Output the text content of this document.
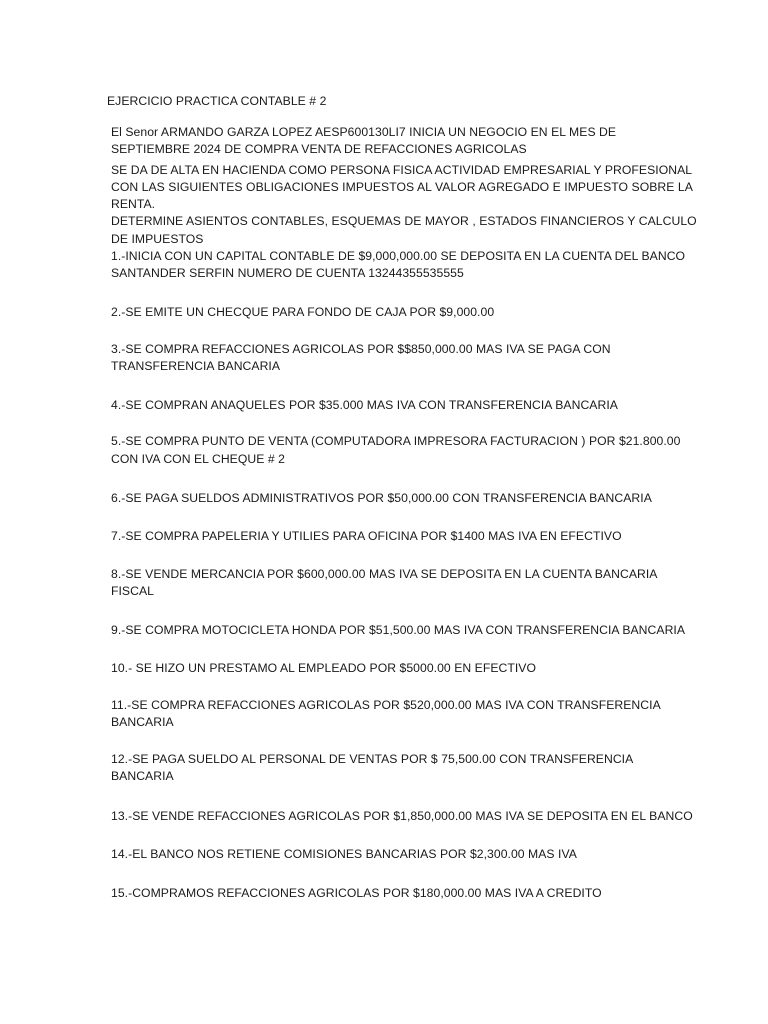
EJERCICIO PRACTICA CONTABLE # 2
El Senor ARMANDO GARZA LOPEZ AESP600130LI7 INICIA UN NEGOCIO EN EL MES DE
SEPTIEMBRE 2024 DE COMPRA VENTA DE REFACCIONES AGRICOLAS
SE DA DE ALTA EN HACIENDA COMO PERSONA FISICA ACTIVIDAD EMPRESARIAL Y PROFESIONAL
CON LAS SIGUIENTES OBLIGACIONES IMPUESTOS AL VALOR AGREGADO E IMPUESTO SOBRE LA
RENTA.
DETERMINE ASIENTOS CONTABLES, ESQUEMAS DE MAYOR , ESTADOS FINANCIEROS Y CALCULO
DE IMPUESTOS
1.-INICIA CON UN CAPITAL CONTABLE DE $9,000,000.00 SE DEPOSITA EN LA CUENTA DEL BANCO
SANTANDER SERFIN NUMERO DE CUENTA 13244355535555
2.-SE EMITE UN CHECQUE PARA FONDO DE CAJA POR $9,000.00
3.-SE COMPRA REFACCIONES AGRICOLAS POR $$850,000.00 MAS IVA SE PAGA CON
TRANSFERENCIA BANCARIA
4.-SE COMPRAN ANAQUELES POR $35.000 MAS IVA CON TRANSFERENCIA BANCARIA
5.-SE COMPRA PUNTO DE VENTA (COMPUTADORA IMPRESORA FACTURACION ) POR $21.800.00
CON IVA CON EL CHEQUE # 2
6.-SE PAGA SUELDOS ADMINISTRATIVOS POR $50,000.00 CON TRANSFERENCIA BANCARIA
7.-SE COMPRA PAPELERIA Y UTILIES PARA OFICINA POR $1400 MAS IVA EN EFECTIVO
8.-SE VENDE MERCANCIA POR $600,000.00 MAS IVA SE DEPOSITA EN LA CUENTA BANCARIA
FISCAL
9.-SE COMPRA MOTOCICLETA HONDA POR $51,500.00 MAS IVA CON TRANSFERENCIA BANCARIA
10.- SE HIZO UN PRESTAMO AL EMPLEADO POR $5000.00 EN EFECTIVO
11.-SE COMPRA REFACCIONES AGRICOLAS POR $520,000.00 MAS IVA CON TRANSFERENCIA
BANCARIA
12.-SE PAGA SUELDO AL PERSONAL DE VENTAS POR $ 75,500.00 CON TRANSFERENCIA
BANCARIA
13.-SE VENDE REFACCIONES AGRICOLAS POR $1,850,000.00 MAS IVA SE DEPOSITA EN EL BANCO
14.-EL BANCO NOS RETIENE COMISIONES BANCARIAS POR $2,300.00 MAS IVA
15.-COMPRAMOS REFACCIONES AGRICOLAS POR $180,000.00 MAS IVA A CREDITO
